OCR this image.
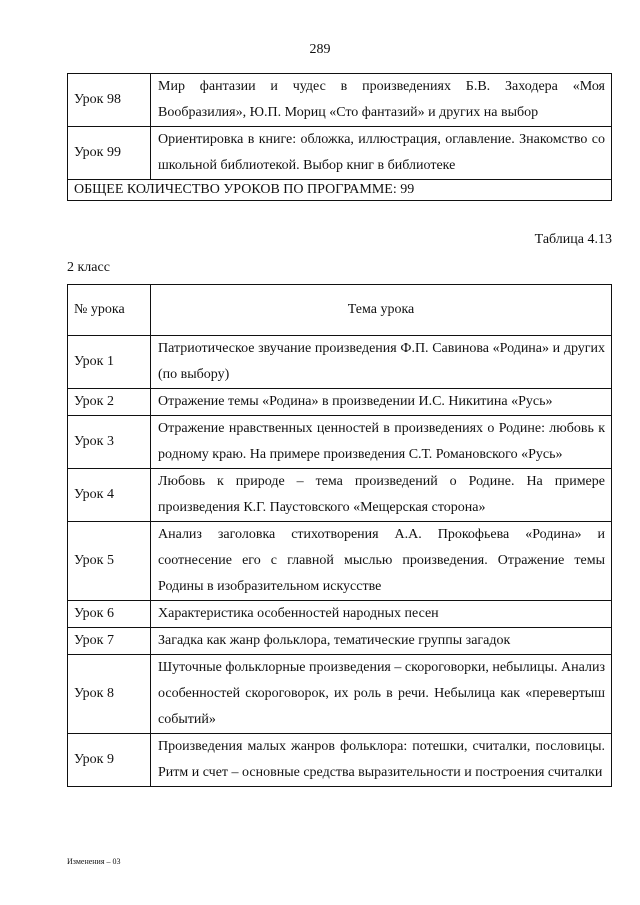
289
Урок 98	Мир фантазии и чудес в произведениях Б.В. Заходера «Моя Вообразилия», Ю.П. Мориц «Сто фантазий» и других на выбор
Урок 99	Ориентировка в книге: обложка, иллюстрация, оглавление. Знакомство со школьной библиотекой. Выбор книг в библиотеке
ОБЩЕЕ КОЛИЧЕСТВО УРОКОВ ПО ПРОГРАММЕ: 99	
Таблица 4.13
2 класс
№ урока	Тема урока
Урок 1	Патриотическое звучание произведения Ф.П. Савинова «Родина» и других (по выбору)
Урок 2	Отражение темы «Родина» в произведении И.С. Никитина «Русь»
Урок 3	Отражение нравственных ценностей в произведениях о Родине: любовь к родному краю. На примере произведения С.Т. Романовского «Русь»
Урок 4	Любовь к природе – тема произведений о Родине. На примере произведения К.Г. Паустовского «Мещерская сторона»
Урок 5	Анализ заголовка стихотворения А.А. Прокофьева «Родина» и соотнесение его с главной мыслью произведения. Отражение темы Родины в изобразительном искусстве
Урок 6	Характеристика особенностей народных песен
Урок 7	Загадка как жанр фольклора, тематические группы загадок
Урок 8	Шуточные фольклорные произведения – скороговорки, небылицы. Анализ особенностей скороговорок, их роль в речи. Небылица как «перевертыш событий»
Урок 9	Произведения малых жанров фольклора: потешки, считалки, пословицы. Ритм и счет – основные средства выразительности и построения считалки
Изменения – 03
